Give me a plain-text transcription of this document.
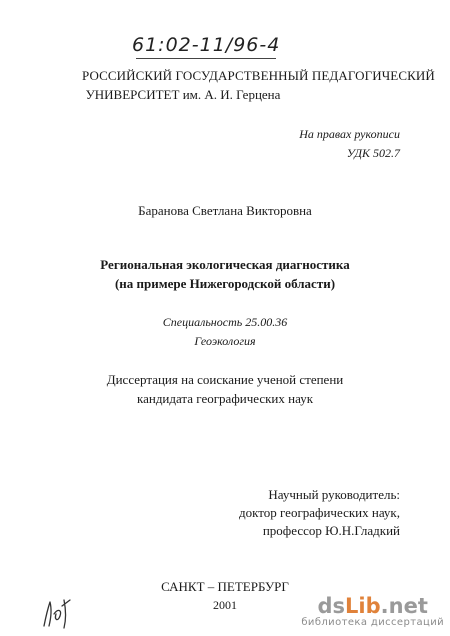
61:02-11/96-4
РОССИЙСКИЙ ГОСУДАРСТВЕННЫЙ ПЕДАГОГИЧЕСКИЙ
УНИВЕРСИТЕТ им. А. И. Герцена
На правах рукописи
УДК 502.7
Баранова Светлана Викторовна
Региональная экологическая диагностика
(на примере Нижегородской области)
Специальность 25.00.36
Геоэкология
Диссертация на соискание ученой степени
кандидата географических наук
Научный руководитель:
доктор географических наук,
профессор Ю.Н.Гладкий
САНКТ – ПЕТЕРБУРГ
2001	dsLib.net
библиотека диссертаций
